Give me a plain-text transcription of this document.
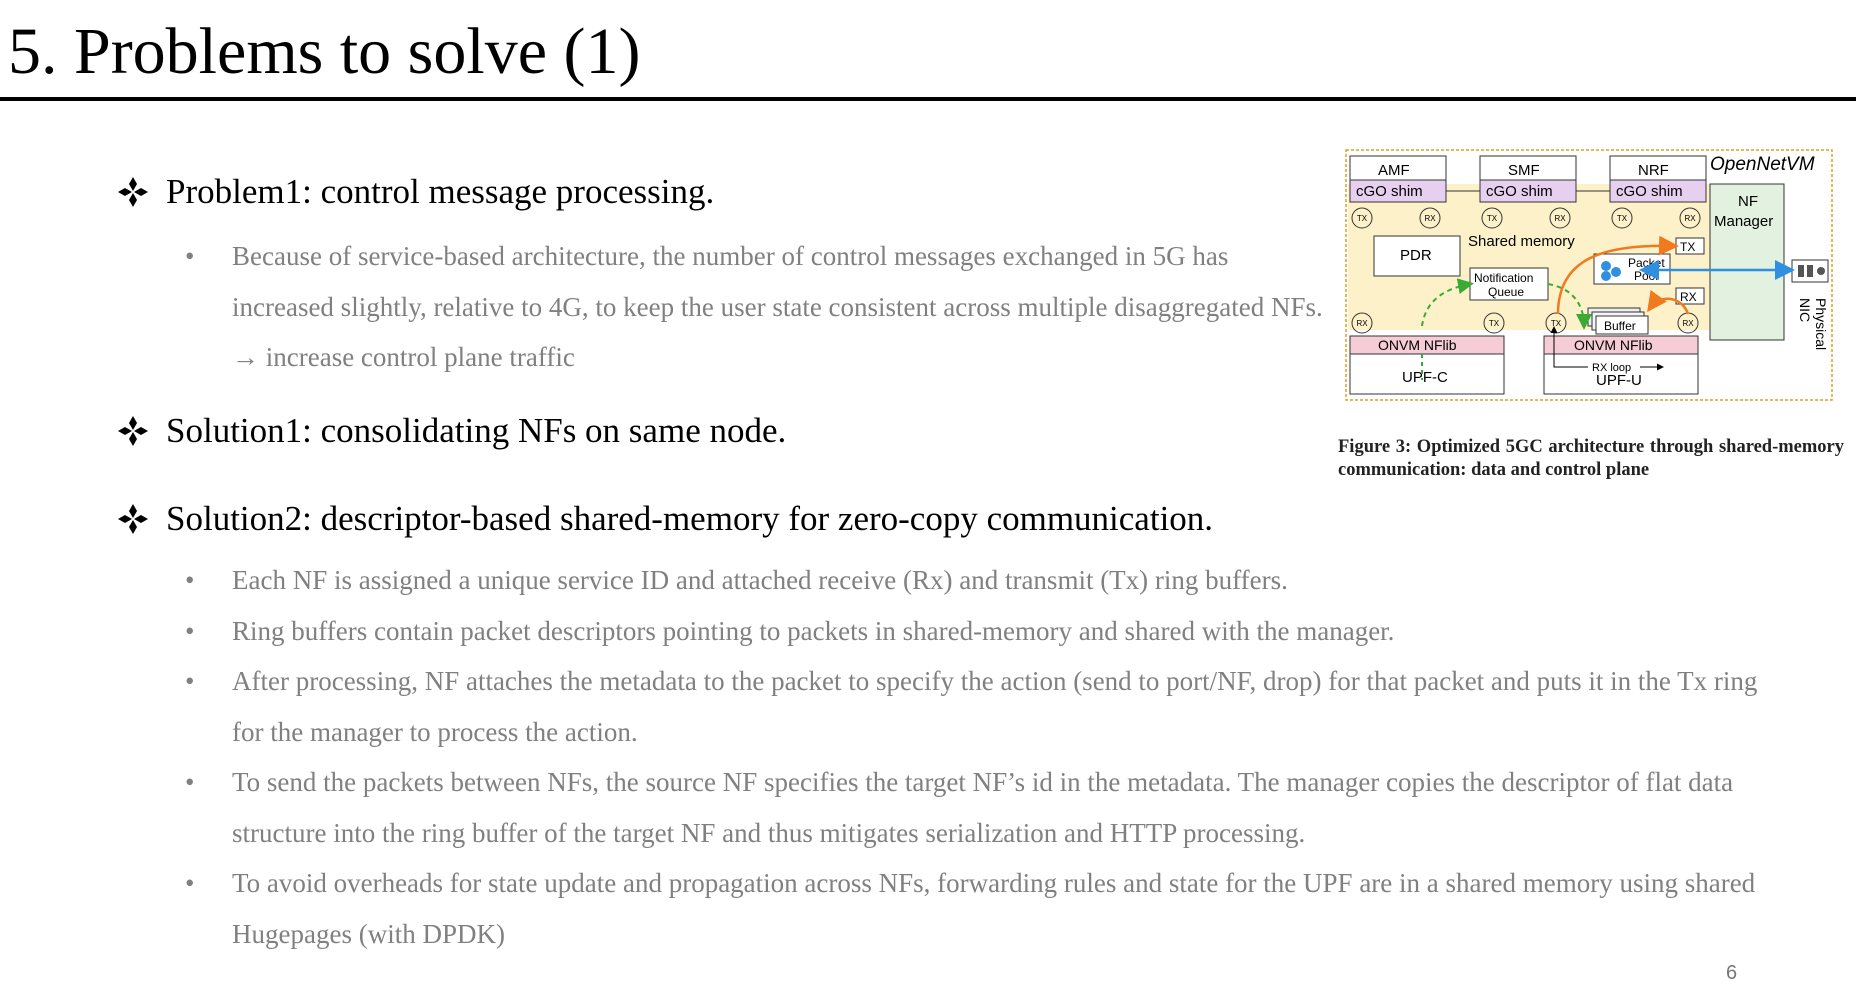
5. Problems to solve (1)
Problem1: control message processing.
• Because of service-based architecture, the number of control messages exchanged in 5G has increased slightly, relative to 4G, to keep the user state consistent across multiple disaggregated NFs. → increase control plane traffic
Solution1: consolidating NFs on same node.
Solution2: descriptor-based shared-memory for zero-copy communication.
• Each NF is assigned a unique service ID and attached receive (Rx) and transmit (Tx) ring buffers.
• Ring buffers contain packet descriptors pointing to packets in shared-memory and shared with the manager.
• After processing, NF attaches the metadata to the packet to specify the action (send to port/NF, drop) for that packet and puts it in the Tx ring for the manager to process the action.
• To send the packets between NFs, the source NF specifies the target NF’s id in the metadata. The manager copies the descriptor of flat data structure into the ring buffer of the target NF and thus mitigates serialization and HTTP processing.
• To avoid overheads for state update and propagation across NFs, forwarding rules and state for the UPF are in a shared memory using shared Hugepages (with DPDK)
OpenNetVM
AMF
cGO shim
SMF
cGO shim
NRF
cGO shim
NF
Manager
TX
RX
Physical
NIC
PDR
Shared memory
Notification
Queue
Packet
Pool
Buffer
TX	RX	TX	RX	TX	RX
RX	TX	TX	RX
ONVM NFlib
UPF-C
ONVM NFlib
UPF-U
RX loop
Figure 3: Optimized 5GC architecture through shared-memory communication: data and control plane
6
